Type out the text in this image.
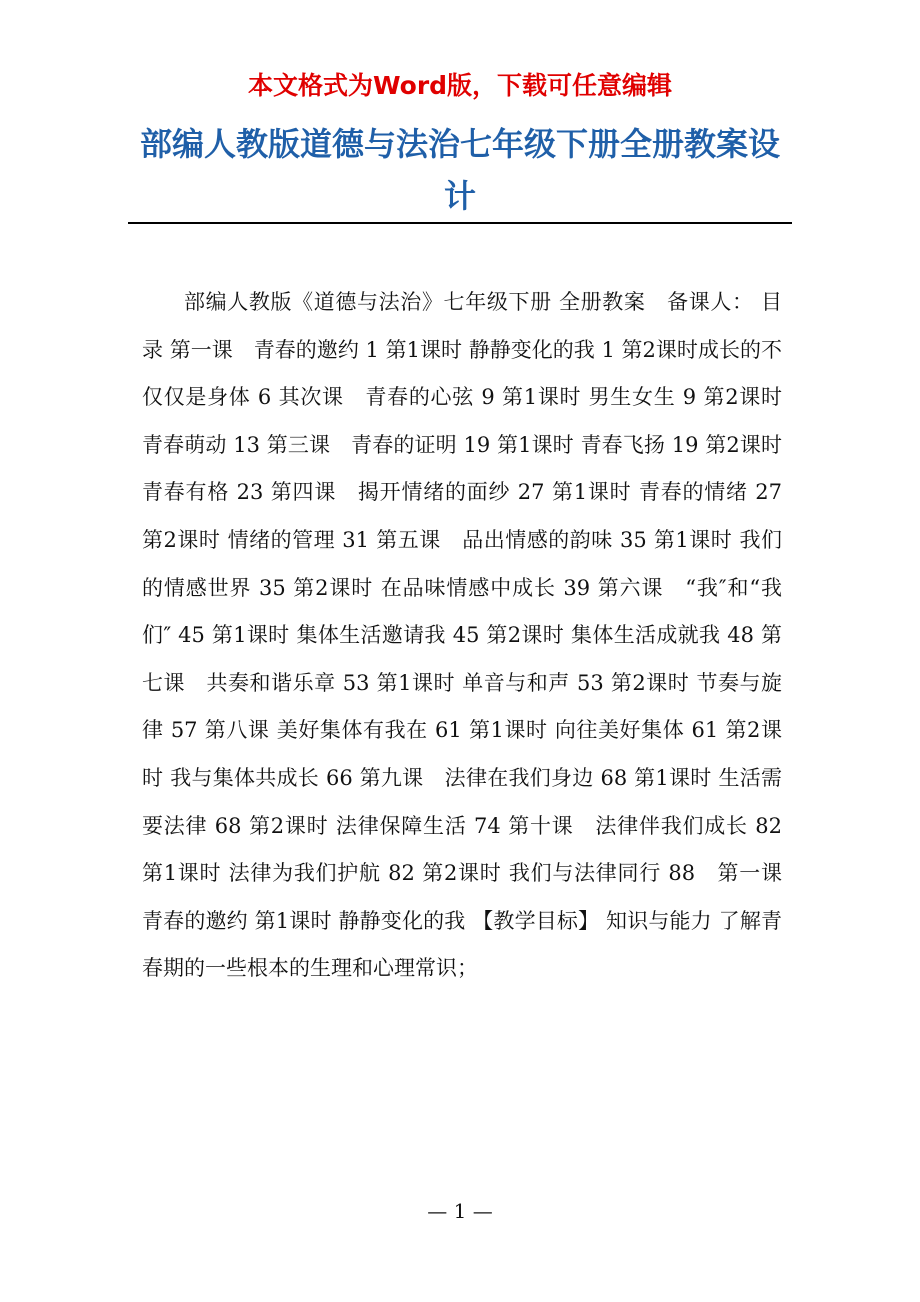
本文格式为Word版，下载可任意编辑
部编人教版道德与法治七年级下册全册教案设计

部编人教版《道德与法治》七年级下册 全册教案　备课人： 目 录 第一课　青春的邀约 1 第1课时 静静变化的我 1 第2课时成长的不仅仅是身体 6 其次课　青春的心弦 9 第1课时 男生女生 9 第2课时 青春萌动 13 第三课　青春的证明 19 第1课时 青春飞扬 19 第2课时 青春有格 23 第四课　揭开情绪的面纱 27 第1课时 青春的情绪 27 第2课时 情绪的管理 31 第五课　品出情感的韵味 35 第1课时 我们的情感世界 35 第2课时 在品味情感中成长 39 第六课　“我″和“我们″ 45 第1课时 集体生活邀请我 45 第2课时 集体生活成就我 48 第七课　共奏和谐乐章 53 第1课时 单音与和声 53 第2课时 节奏与旋律 57 第八课 美好集体有我在 61 第1课时 向往美好集体 61 第2课时 我与集体共成长 66 第九课　法律在我们身边 68 第1课时 生活需要法律 68 第2课时 法律保障生活 74 第十课　法律伴我们成长 82 第1课时 法律为我们护航 82 第2课时 我们与法律同行 88　第一课　青春的邀约 第1课时 静静变化的我 【教学目标】 知识与能力 了解青春期的一些根本的生理和心理常识；

— 1 —
